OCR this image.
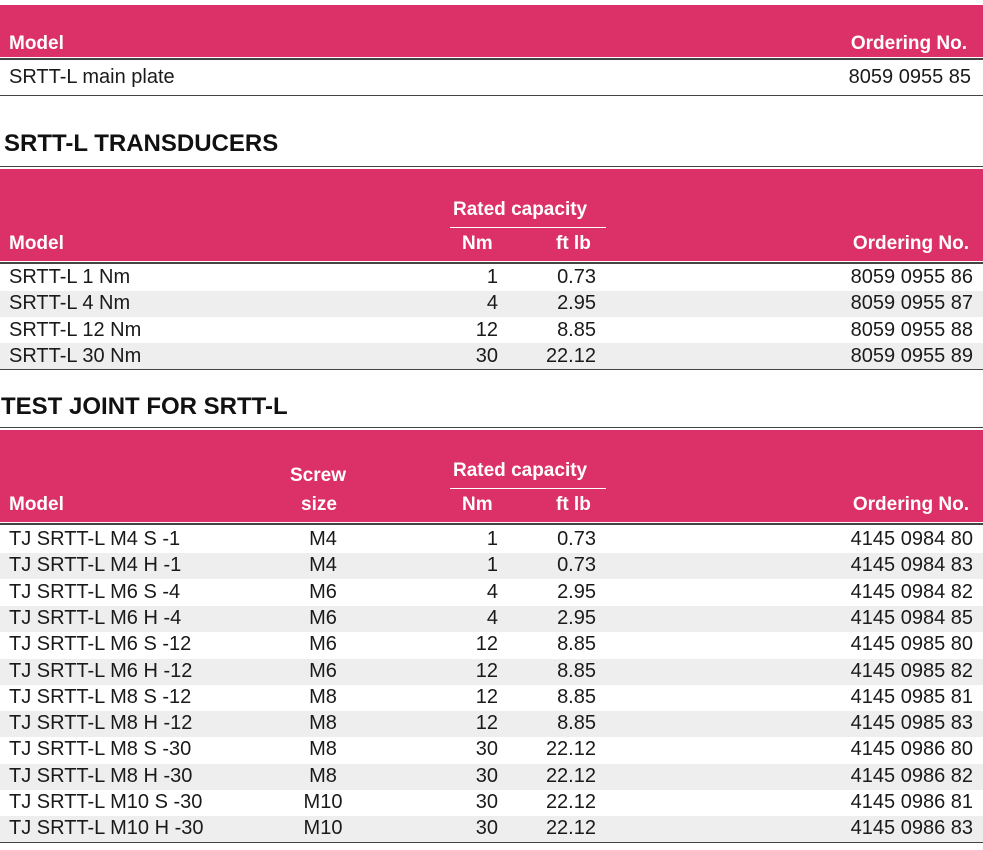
Model	Ordering No.
SRTT-L main plate	8059 0955 85
SRTT-L TRANSDUCERS
Rated capacity
Model	Nm	ft lb	Ordering No.
SRTT-L 1 Nm	1	0.73	8059 0955 86
SRTT-L 4 Nm	4	2.95	8059 0955 87
SRTT-L 12 Nm	12	8.85	8059 0955 88
SRTT-L 30 Nm	30	22.12	8059 0955 89
TEST JOINT FOR SRTT-L
Rated capacity
Screw
Model	size	Nm	ft lb	Ordering No.
TJ SRTT-L M4 S -1	M4	1	0.73	4145 0984 80
TJ SRTT-L M4 H -1	M4	1	0.73	4145 0984 83
TJ SRTT-L M6 S -4	M6	4	2.95	4145 0984 82
TJ SRTT-L M6 H -4	M6	4	2.95	4145 0984 85
TJ SRTT-L M6 S -12	M6	12	8.85	4145 0985 80
TJ SRTT-L M6 H -12	M6	12	8.85	4145 0985 82
TJ SRTT-L M8 S -12	M8	12	8.85	4145 0985 81
TJ SRTT-L M8 H -12	M8	12	8.85	4145 0985 83
TJ SRTT-L M8 S -30	M8	30	22.12	4145 0986 80
TJ SRTT-L M8 H -30	M8	30	22.12	4145 0986 82
TJ SRTT-L M10 S -30	M10	30	22.12	4145 0986 81
TJ SRTT-L M10 H -30	M10	30	22.12	4145 0986 83
